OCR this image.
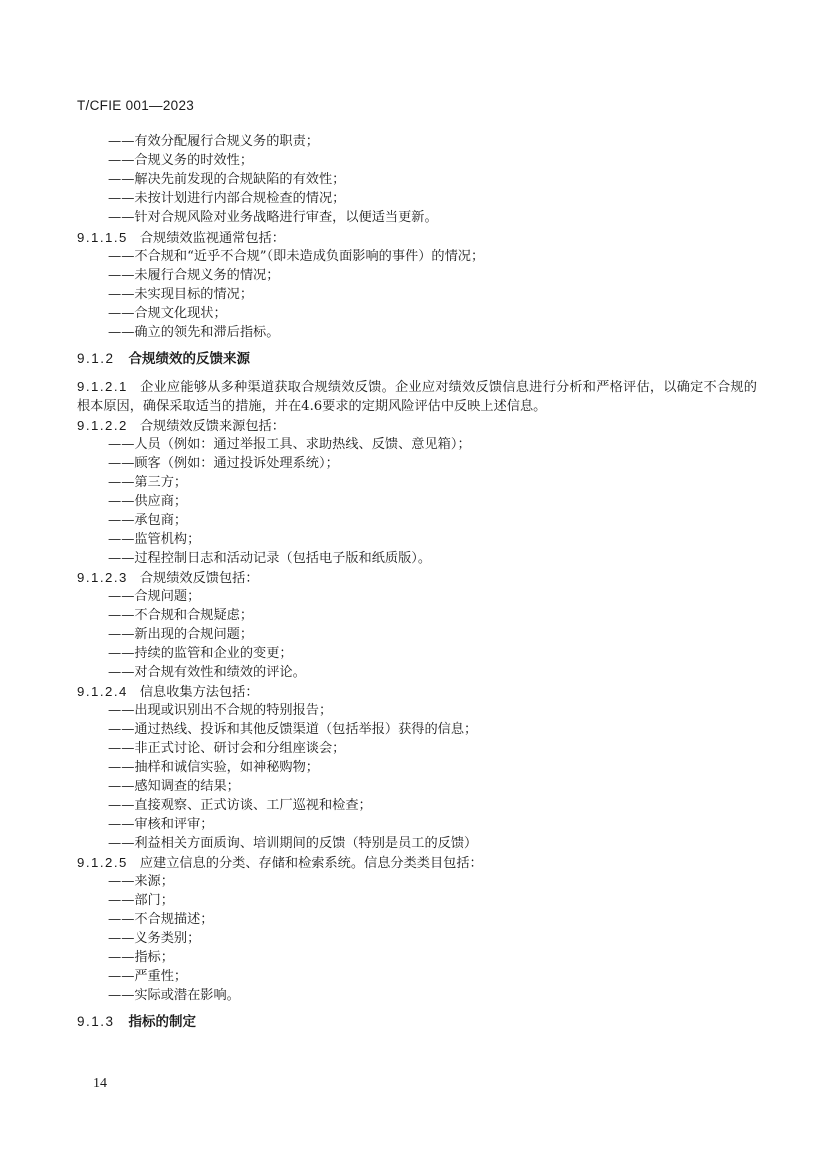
T/CFIE 001—2023
——有效分配履行合规义务的职责；
——合规义务的时效性；
——解决先前发现的合规缺陷的有效性；
——未按计划进行内部合规检查的情况；
——针对合规风险对业务战略进行审查，以便适当更新。
9.1.1.5 合规绩效监视通常包括：
——不合规和“近乎不合规”（即未造成负面影响的事件）的情况；
——未履行合规义务的情况；
——未实现目标的情况；
——合规文化现状；
——确立的领先和滞后指标。
9.1.2 合规绩效的反馈来源
9.1.2.1 企业应能够从多种渠道获取合规绩效反馈。企业应对绩效反馈信息进行分析和严格评估，以确定不合规的根本原因，确保采取适当的措施，并在4.6要求的定期风险评估中反映上述信息。
9.1.2.2 合规绩效反馈来源包括：
——人员（例如：通过举报工具、求助热线、反馈、意见箱）；
——顾客（例如：通过投诉处理系统）；
——第三方；
——供应商；
——承包商；
——监管机构；
——过程控制日志和活动记录（包括电子版和纸质版）。
9.1.2.3 合规绩效反馈包括：
——合规问题；
——不合规和合规疑虑；
——新出现的合规问题；
——持续的监管和企业的变更；
——对合规有效性和绩效的评论。
9.1.2.4 信息收集方法包括：
——出现或识别出不合规的特别报告；
——通过热线、投诉和其他反馈渠道（包括举报）获得的信息；
——非正式讨论、研讨会和分组座谈会；
——抽样和诚信实验，如神秘购物；
——感知调查的结果；
——直接观察、正式访谈、工厂巡视和检查；
——审核和评审；
——利益相关方面质询、培训期间的反馈（特别是员工的反馈）
9.1.2.5 应建立信息的分类、存储和检索系统。信息分类类目包括：
——来源；
——部门；
——不合规描述；
——义务类别；
——指标；
——严重性；
——实际或潜在影响。
9.1.3 指标的制定
14
